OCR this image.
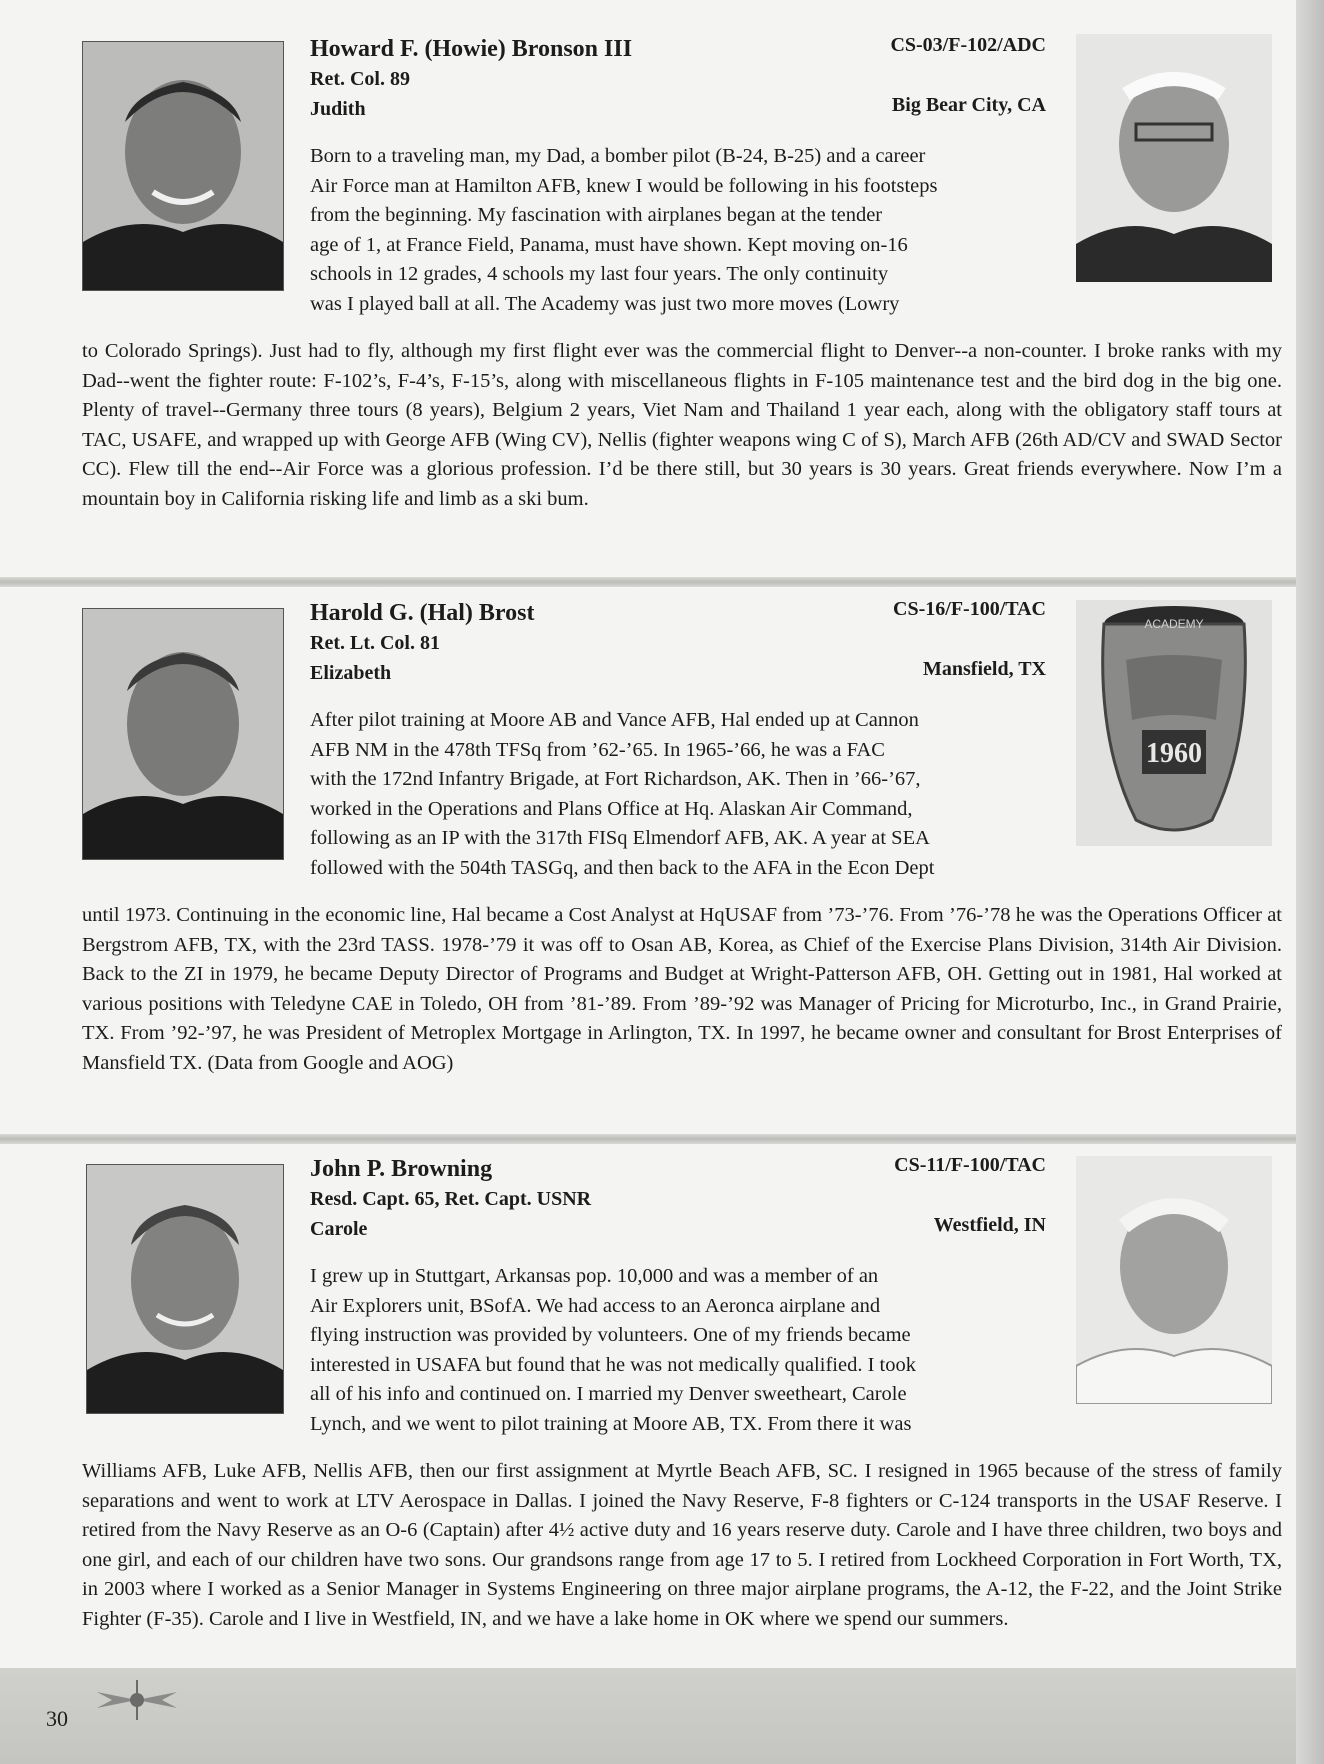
Howard F. (Howie) Bronson III
Ret. Col. 89
Judith
CS-03/F-102/ADC
Big Bear City, CA
Born to a traveling man, my Dad, a bomber pilot (B-24, B-25) and a career
Air Force man at Hamilton AFB, knew I would be following in his footsteps
from the beginning. My fascination with airplanes began at the tender
age of 1, at France Field, Panama, must have shown. Kept moving on-16
schools in 12 grades, 4 schools my last four years. The only continuity
was I played ball at all. The Academy was just two more moves (Lowry
to Colorado Springs). Just had to fly, although my first flight ever was the commercial flight to Denver--a non-counter. I broke ranks with my Dad--went the fighter route: F-102’s, F-4’s, F-15’s, along with miscellaneous flights in F-105 maintenance test and the bird dog in the big one. Plenty of travel--Germany three tours (8 years), Belgium 2 years, Viet Nam and Thailand 1 year each, along with the obligatory staff tours at TAC, USAFE, and wrapped up with George AFB (Wing CV), Nellis (fighter weapons wing C of S), March AFB (26th AD/CV and SWAD Sector CC). Flew till the end--Air Force was a glorious profession. I’d be there still, but 30 years is 30 years. Great friends everywhere. Now I’m a mountain boy in California risking life and limb as a ski bum.
Harold G. (Hal) Brost
Ret. Lt. Col. 81
Elizabeth
CS-16/F-100/TAC
Mansfield, TX
1960
ACADEMY
After pilot training at Moore AB and Vance AFB, Hal ended up at Cannon
AFB NM in the 478th TFSq from ’62-’65. In 1965-’66, he was a FAC
with the 172nd Infantry Brigade, at Fort Richardson, AK. Then in ’66-’67,
worked in the Operations and Plans Office at Hq. Alaskan Air Command,
following as an IP with the 317th FISq Elmendorf AFB, AK. A year at SEA
followed with the 504th TASGq, and then back to the AFA in the Econ Dept
until 1973. Continuing in the economic line, Hal became a Cost Analyst at HqUSAF from ’73-’76. From ’76-’78 he was the Operations Officer at Bergstrom AFB, TX, with the 23rd TASS. 1978-’79 it was off to Osan AB, Korea, as Chief of the Exercise Plans Division, 314th Air Division. Back to the ZI in 1979, he became Deputy Director of Programs and Budget at Wright-Patterson AFB, OH. Getting out in 1981, Hal worked at various positions with Teledyne CAE in Toledo, OH from ’81-’89. From ’89-’92 was Manager of Pricing for Microturbo, Inc., in Grand Prairie, TX. From ’92-’97, he was President of Metroplex Mortgage in Arlington, TX. In 1997, he became owner and consultant for Brost Enterprises of Mansfield TX. (Data from Google and AOG)
John P. Browning
Resd. Capt. 65, Ret. Capt. USNR
Carole
CS-11/F-100/TAC
Westfield, IN
I grew up in Stuttgart, Arkansas pop. 10,000 and was a member of an
Air Explorers unit, BSofA. We had access to an Aeronca airplane and
flying instruction was provided by volunteers. One of my friends became
interested in USAFA but found that he was not medically qualified. I took
all of his info and continued on. I married my Denver sweetheart, Carole
Lynch, and we went to pilot training at Moore AB, TX. From there it was
Williams AFB, Luke AFB, Nellis AFB, then our first assignment at Myrtle Beach AFB, SC. I resigned in 1965 because of the stress of family separations and went to work at LTV Aerospace in Dallas. I joined the Navy Reserve, F-8 fighters or C-124 transports in the USAF Reserve. I retired from the Navy Reserve as an O-6 (Captain) after 4½ active duty and 16 years reserve duty. Carole and I have three children, two boys and one girl, and each of our children have two sons. Our grandsons range from age 17 to 5. I retired from Lockheed Corporation in Fort Worth, TX, in 2003 where I worked as a Senior Manager in Systems Engineering on three major airplane programs, the A-12, the F-22, and the Joint Strike Fighter (F-35). Carole and I live in Westfield, IN, and we have a lake home in OK where we spend our summers.
30
